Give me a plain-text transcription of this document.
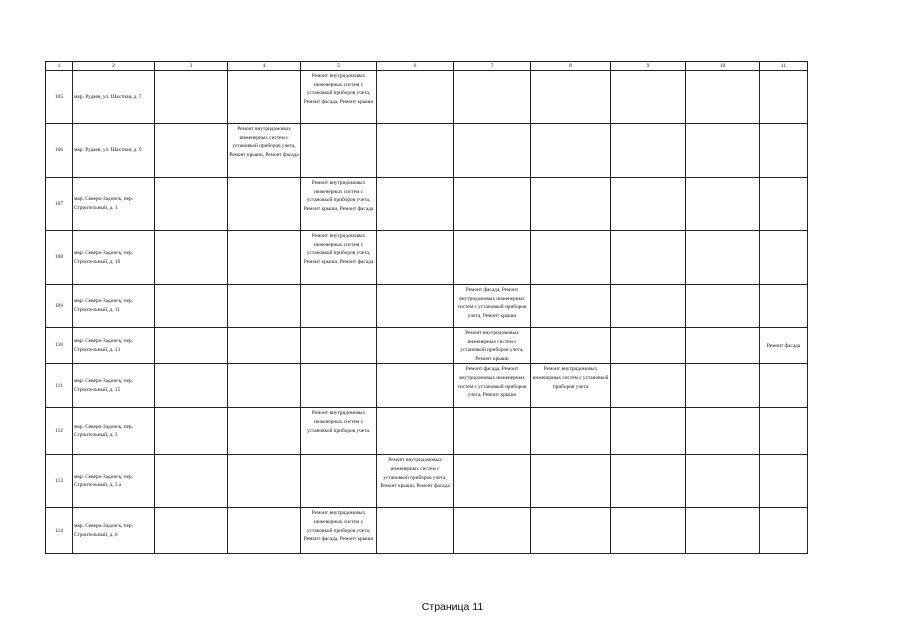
1	2	3	4	5	6	7	8	9	10	11
105	мкр. Рудаев, ул. Шахтная, д. 7			Ремонт внутридомовых инженерных систем с установкой приборов учета, Ремонт фасада, Ремонт крыши						
106	мкр. Рудаев, ул. Шахтная, д. 9		Ремонт внутридомовых инженерных систем с установкой приборов учета, Ремонт крыши, Ремонт фасада							
107	мкр. Северо-Задонск, пер. Строительный, д. 1			Ремонт внутридомовых инженерных систем с установкой приборов учета, Ремонт крыши, Ремонт фасада						
108	мкр. Северо-Задонск, пер. Строительный, д. 10			Ремонт внутридомовых инженерных систем с установкой приборов учета, Ремонт крыши, Ремонт фасада						
109	мкр. Северо-Задонск, пер. Строительный, д. 11					Ремонт фасада, Ремонт внутридомовых инженерных систем с установкой приборов учета, Ремонт крыши				
110	мкр. Северо-Задонск, пер. Строительный, д. 13					Ремонт внутридомовых инженерных систем с установкой приборов учета, Ремонт крыши				Ремонт фасада
111	мкр. Северо-Задонск, пер. Строительный, д. 15					Ремонт фасада, Ремонт внутридомовых инженерных систем с установкой приборов учета, Ремонт крыши	Ремонт внутридомовых инженерных систем с установкой приборов учета			
112	мкр. Северо-Задонск, пер. Строительный, д. 3			Ремонт внутридомовых инженерных систем с установкой приборов учета.						
113	мкр. Северо-Задонск, пер. Строительный, д. 5 а				Ремонт внутридомовых инженерных систем с установкой приборов учета, Ремонт крыши, Ремонт фасада					
114	мкр. Северо-Задонск, пер. Строительный, д. 6			Ремонт внутридомовых инженерных систем с установкой приборов учета, Ремонт фасада, Ремонт крыши						
Страница 11
